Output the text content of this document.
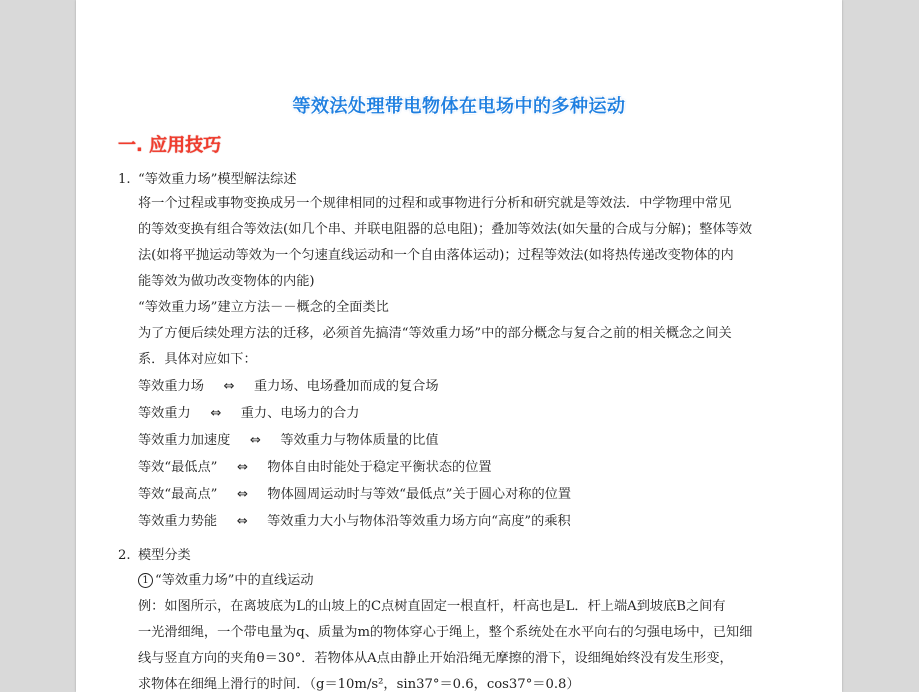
等效法处理带电物体在电场中的多种运动
一. 应用技巧
1. “等效重力场”模型解法综述
将一个过程或事物变换成另一个规律相同的过程和或事物进行分析和研究就是等效法．中学物理中常见
的等效变换有组合等效法(如几个串、并联电阻器的总电阻)；叠加等效法(如矢量的合成与分解)；整体等效
法(如将平抛运动等效为一个匀速直线运动和一个自由落体运动)；过程等效法(如将热传递改变物体的内
能等效为做功改变物体的内能)
“等效重力场”建立方法－－概念的全面类比
为了方便后续处理方法的迁移，必须首先搞清“等效重力场”中的部分概念与复合之前的相关概念之间关
系．具体对应如下：
等效重力场 ⇔ 重力场、电场叠加而成的复合场
等效重力 ⇔ 重力、电场力的合力
等效重力加速度 ⇔ 等效重力与物体质量的比值
等效“最低点” ⇔ 物体自由时能处于稳定平衡状态的位置
等效“最高点” ⇔ 物体圆周运动时与等效“最低点”关于圆心对称的位置
等效重力势能 ⇔ 等效重力大小与物体沿等效重力场方向“高度”的乘积
2. 模型分类
1 “等效重力场”中的直线运动
例：如图所示，在离坡底为L的山坡上的C点树直固定一根直杆，杆高也是L．杆上端A到坡底B之间有
一光滑细绳，一个带电量为q、质量为m的物体穿心于绳上，整个系统处在水平向右的匀强电场中，已知细
线与竖直方向的夹角θ＝30°．若物体从A点由静止开始沿绳无摩擦的滑下，设细绳始终没有发生形变，
求物体在细绳上滑行的时间．（g＝10m/s²，sin37°＝0.6，cos37°＝0.8）
